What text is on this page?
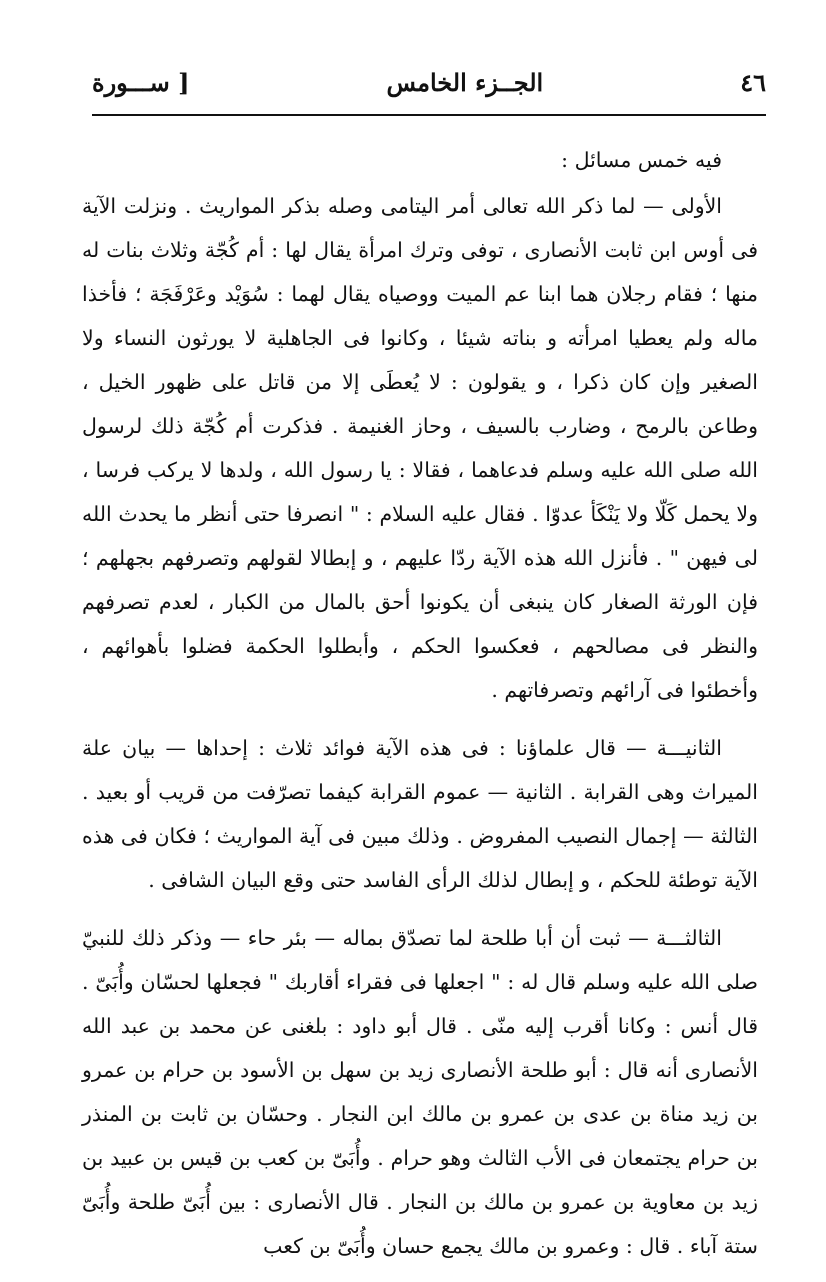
٤٦
الجــزء الخامس
[ ســـورة

فيه خمس مسائل :

الأولى — لما ذكر الله تعالى أمر اليتامى وصله بذكر المواريث . ونزلت الآية فى أوس ابن ثابت الأنصارى ، توفى وترك امرأة يقال لها : أم كُجّة وثلاث بنات له منها ؛ فقام رجلان هما ابنا عم الميت ووصياه يقال لهما : سُوَيْد وعَرْفَجَة ؛ فأخذا ماله ولم يعطيا امرأته و بناته شيئا ، وكانوا فى الجاهلية لا يورثون النساء ولا الصغير وإن كان ذكرا ، و يقولون : لا يُعطَى إلا من قاتل على ظهور الخيل ، وطاعن بالرمح ، وضارب بالسيف ، وحاز الغنيمة . فذكرت أم كُجّة ذلك لرسول الله صلى الله عليه وسلم فدعاهما ، فقالا : يا رسول الله ، ولدها لا يركب فرسا ، ولا يحمل كَلّا ولا يَنْكَأ عدوّا . فقال عليه السلام : " انصرفا حتى أنظر ما يحدث الله لى فيهن " . فأنزل الله هذه الآية ردّا عليهم ، و إبطالا لقولهم وتصرفهم بجهلهم ؛ فإن الورثة الصغار كان ينبغى أن يكونوا أحق بالمال من الكبار ، لعدم تصرفهم والنظر فى مصالحهم ، فعكسوا الحكم ، وأبطلوا الحكمة فضلوا بأهوائهم ، وأخطئوا فى آرائهم وتصرفاتهم .

الثانيـــة — قال علماؤنا : فى هذه الآية فوائد ثلاث : إحداها — بيان علة الميراث وهى القرابة . الثانية — عموم القرابة كيفما تصرّفت من قريب أو بعيد . الثالثة — إجمال النصيب المفروض . وذلك مبين فى آية المواريث ؛ فكان فى هذه الآية توطئة للحكم ، و إبطال لذلك الرأى الفاسد حتى وقع البيان الشافى .

الثالثـــة — ثبت أن أبا طلحة لما تصدّق بماله — بئر حاء — وذكر ذلك للنبيّ صلى الله عليه وسلم قال له : " اجعلها فى فقراء أقاربك " فجعلها لحسّان وأُبَىّ . قال أنس : وكانا أقرب إليه منّى . قال أبو داود : بلغنى عن محمد بن عبد الله الأنصارى أنه قال : أبو طلحة الأنصارى زيد بن سهل بن الأسود بن حرام بن عمرو بن زيد مناة بن عدى بن عمرو بن مالك ابن النجار . وحسّان بن ثابت بن المنذر بن حرام يجتمعان فى الأب الثالث وهو حرام . وأُبَىّ بن كعب بن قيس بن عبيد بن زيد بن معاوية بن عمرو بن مالك بن النجار . قال الأنصارى : بين أُبَىّ طلحة وأُبَىّ ستة آباء . قال : وعمرو بن مالك يجمع حسان وأُبَىّ بن كعب
